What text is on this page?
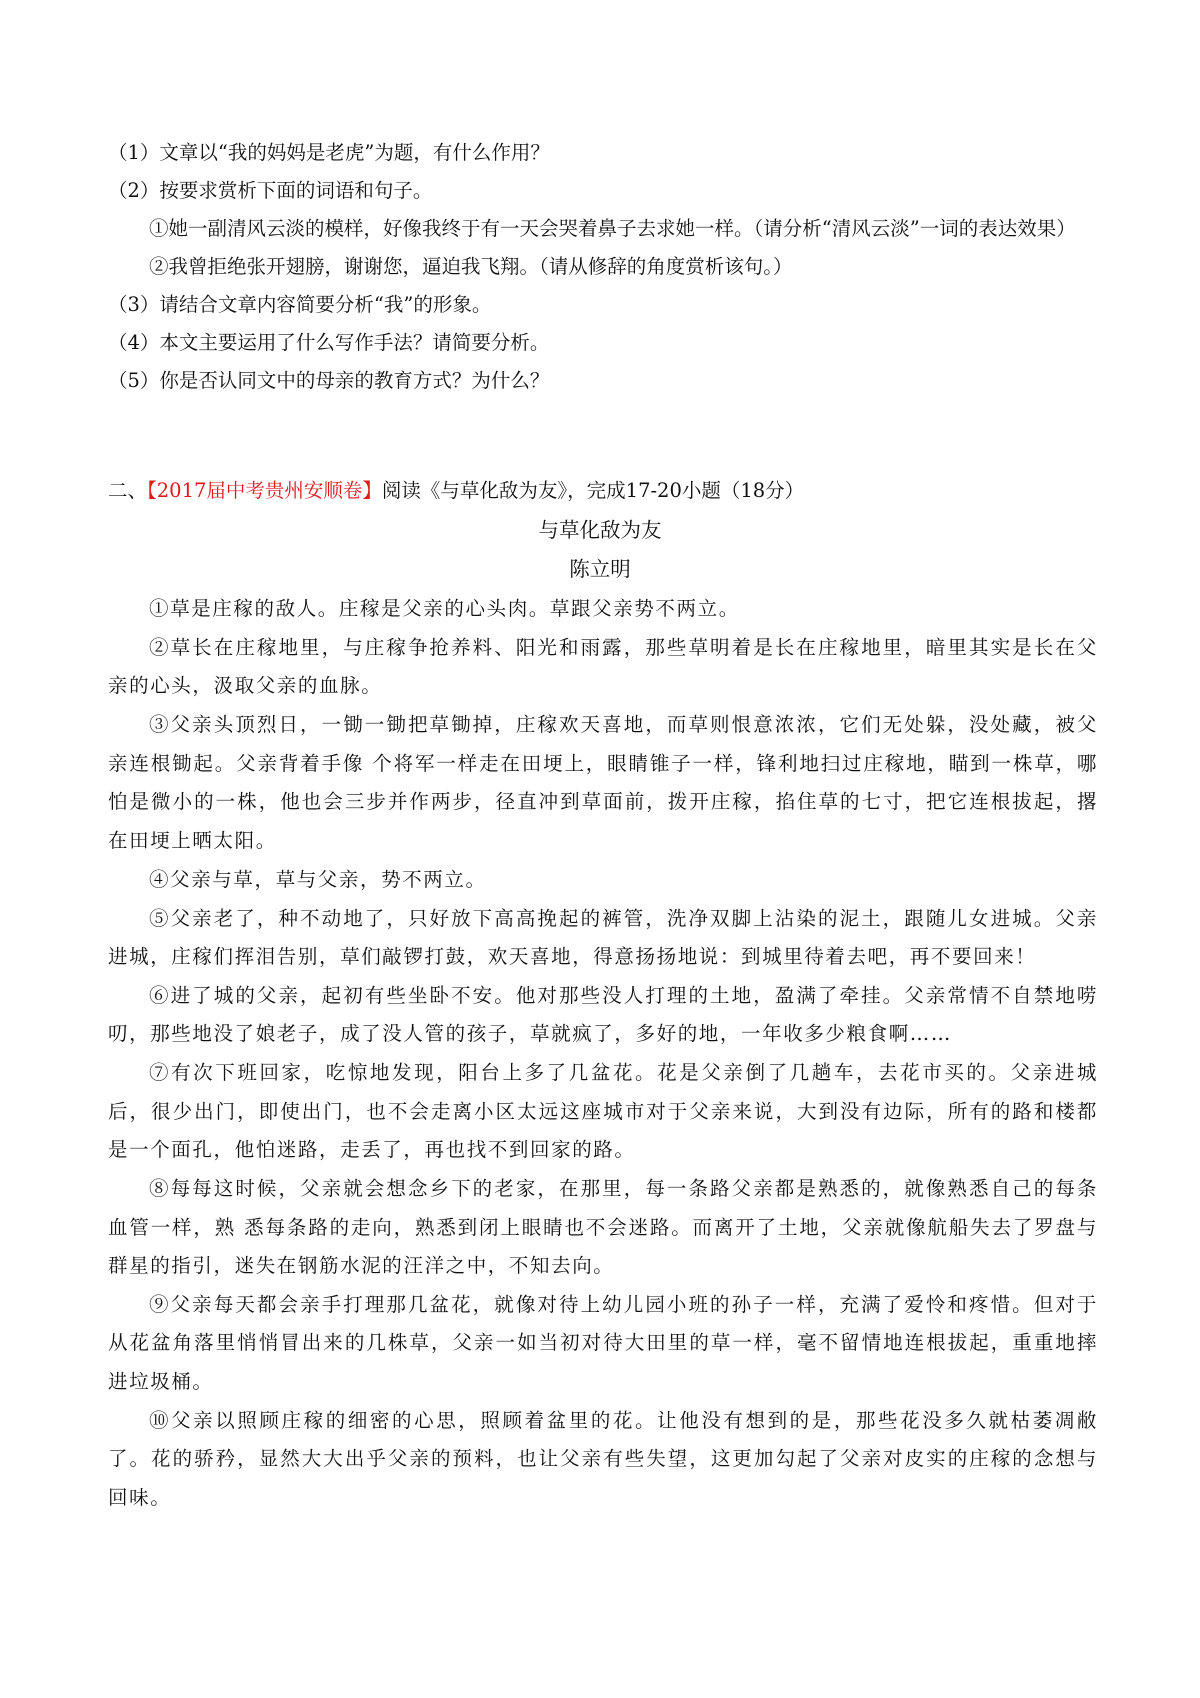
（1）文章以“我的妈妈是老虎”为题，有什么作用？
（2）按要求赏析下面的词语和句子。
①她一副清风云淡的模样，好像我终于有一天会哭着鼻子去求她一样。（请分析“清风云淡”一词的表达效果）
②我曾拒绝张开翅膀，谢谢您，逼迫我飞翔。（请从修辞的角度赏析该句。）
（3）请结合文章内容简要分析“我”的形象。
（4）本文主要运用了什么写作手法？请简要分析。
（5）你是否认同文中的母亲的教育方式？为什么？
二、【2017届中考贵州安顺卷】阅读《与草化敌为友》，完成17-20小题（18分）
与草化敌为友
陈立明

①草是庄稼的敌人。庄稼是父亲的心头肉。草跟父亲势不两立。

②草长在庄稼地里，与庄稼争抢养料、阳光和雨露，那些草明着是长在庄稼地里，暗里其实是长在父亲的心头，汲取父亲的血脉。

③父亲头顶烈日，一锄一锄把草锄掉，庄稼欢天喜地，而草则恨意浓浓，它们无处躲，没处藏，被父亲连根锄起。父亲背着手像 个将军一样走在田埂上，眼睛锥子一样，锋利地扫过庄稼地，瞄到一株草，哪怕是微小的一株，他也会三步并作两步，径直冲到草面前，拨开庄稼，掐住草的七寸，把它连根拔起，撂在田埂上晒太阳。

④父亲与草，草与父亲，势不两立。

⑤父亲老了，种不动地了，只好放下高高挽起的裤管，洗净双脚上沾染的泥土，跟随儿女进城。父亲进城，庄稼们挥泪告别，草们敲锣打鼓，欢天喜地，得意扬扬地说：到城里待着去吧，再不要回来！

⑥进了城的父亲，起初有些坐卧不安。他对那些没人打理的土地，盈满了牵挂。父亲常情不自禁地唠叨，那些地没了娘老子，成了没人管的孩子，草就疯了，多好的地，一年收多少粮食啊……

⑦有次下班回家，吃惊地发现，阳台上多了几盆花。花是父亲倒了几趟车，去花市买的。父亲进城后，很少出门，即使出门，也不会走离小区太远这座城市对于父亲来说，大到没有边际，所有的路和楼都是一个面孔，他怕迷路，走丢了，再也找不到回家的路。

⑧每每这时候，父亲就会想念乡下的老家，在那里，每一条路父亲都是熟悉的，就像熟悉自己的每条血管一样，熟 悉每条路的走向，熟悉到闭上眼睛也不会迷路。而离开了土地，父亲就像航船失去了罗盘与群星的指引，迷失在钢筋水泥的汪洋之中，不知去向。

⑨父亲每天都会亲手打理那几盆花，就像对待上幼儿园小班的孙子一样，充满了爱怜和疼惜。但对于从花盆角落里悄悄冒出来的几株草，父亲一如当初对待大田里的草一样，毫不留情地连根拔起，重重地摔进垃圾桶。

⑩父亲以照顾庄稼的细密的心思，照顾着盆里的花。让他没有想到的是，那些花没多久就枯萎凋敝了。花的骄矜，显然大大出乎父亲的预料，也让父亲有些失望，这更加勾起了父亲对皮实的庄稼的念想与回味。
